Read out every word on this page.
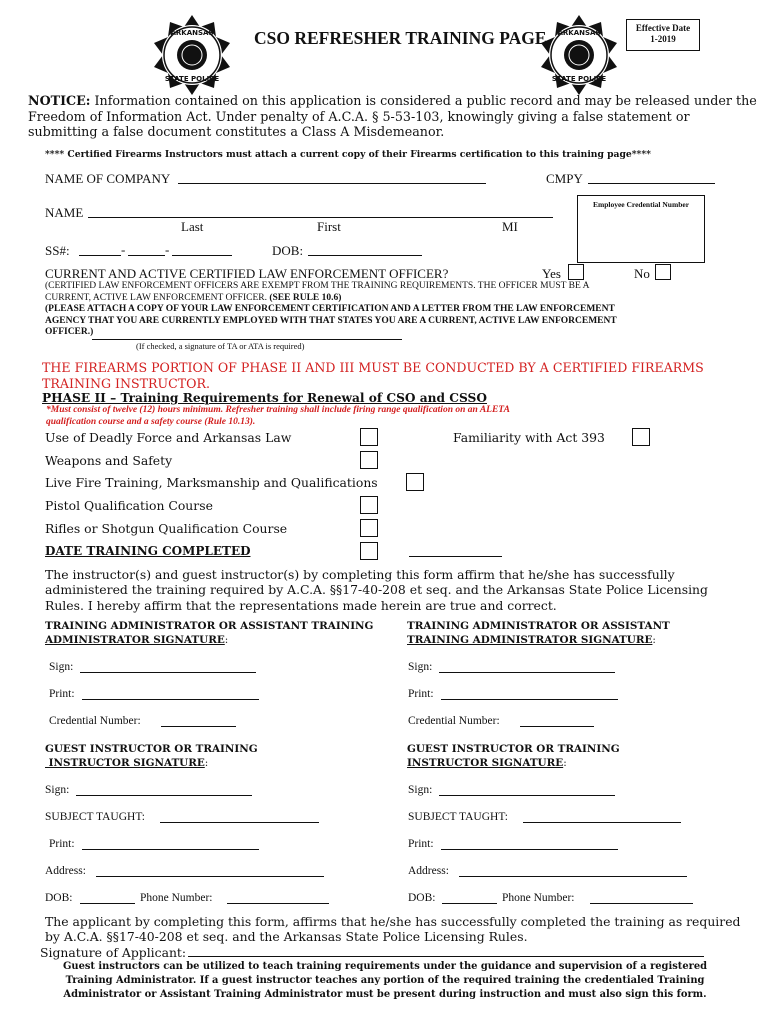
ARKANSAS
STATE POLICE
CSO REFRESHER TRAINING PAGE ARKANSAS
STATE POLICE
Effective Date
1-2019
NOTICE: Information contained on this application is considered a public record and may be released under the
Freedom of Information Act. Under penalty of A.C.A. § 5-53-103, knowingly giving a false statement or
submitting a false document constitutes a Class A Misdemeanor.
**** Certified Firearms Instructors must attach a current copy of their Firearms certification to this training page****
NAME OF COMPANY	CMPY
Employee Credential Number
NAME
Last	First	MI
SS#:	-	-	DOB:
CURRENT AND ACTIVE CERTIFIED LAW ENFORCEMENT OFFICER?	Yes	No
(CERTIFIED LAW ENFORCEMENT OFFICERS ARE EXEMPT FROM THE TRAINING REQUIREMENTS. THE OFFICER MUST BE A
CURRENT, ACTIVE LAW ENFORCEMENT OFFICER. (SEE RULE 10.6)
(PLEASE ATTACH A COPY OF YOUR LAW ENFORCEMENT CERTIFICATION AND A LETTER FROM THE LAW ENFORCEMENT
AGENCY THAT YOU ARE CURRENTLY EMPLOYED WITH THAT STATES YOU ARE A CURRENT, ACTIVE LAW ENFORCEMENT
OFFICER.)
(If checked, a signature of TA or ATA is required)
THE FIREARMS PORTION OF PHASE II AND III MUST BE CONDUCTED BY A CERTIFIED FIREARMS
TRAINING INSTRUCTOR.
PHASE II – Training Requirements for Renewal of CSO and CSSO
*Must consist of twelve (12) hours minimum. Refresher training shall include firing range qualification on an ALETA
qualification course and a safety course (Rule 10.13).
Use of Deadly Force and Arkansas Law	Familiarity with Act 393
Weapons and Safety
Live Fire Training, Marksmanship and Qualifications
Pistol Qualification Course
Rifles or Shotgun Qualification Course
DATE TRAINING COMPLETED
The instructor(s) and guest instructor(s) by completing this form affirm that he/she has successfully
administered the training required by A.C.A. §§17-40-208 et seq. and the Arkansas State Police Licensing
Rules. I hereby affirm that the representations made herein are true and correct.
TRAINING ADMINISTRATOR OR ASSISTANT TRAINING
ADMINISTRATOR SIGNATURE:
TRAINING ADMINISTRATOR OR ASSISTANT
TRAINING ADMINISTRATOR SIGNATURE:
Sign:	Sign:
Print:	Print:
Credential Number:	Credential Number:
GUEST INSTRUCTOR OR TRAINING
INSTRUCTOR SIGNATURE:
GUEST INSTRUCTOR OR TRAINING
INSTRUCTOR SIGNATURE:
Sign:	Sign:
SUBJECT TAUGHT:	SUBJECT TAUGHT:
Print:	Print:
Address:	Address:
DOB:	Phone Number:	DOB:	Phone Number:
The applicant by completing this form, affirms that he/she has successfully completed the training as required
by A.C.A. §§17-40-208 et seq. and the Arkansas State Police Licensing Rules.
Signature of Applicant:
Guest instructors can be utilized to teach training requirements under the guidance and supervision of a registered
Training Administrator. If a guest instructor teaches any portion of the required training the credentialed Training
Administrator or Assistant Training Administrator must be present during instruction and must also sign this form.
